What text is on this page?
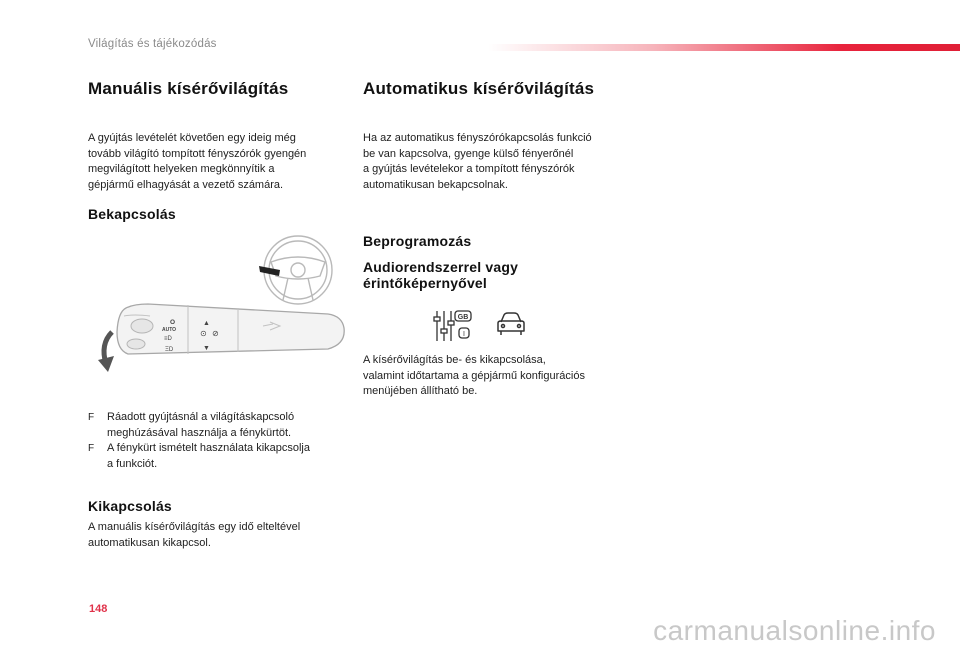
Világítás és tájékozódás
Manuális kísérővilágítás

A gyújtás levételét követően egy ideig még

tovább világító tompított fényszórók gyengén

megvilágított helyeken megkönnyítik a

gépjármű elhagyását a vezető számára.

Bekapcsolás
O
AUTO
≡D
ΞD
▲
▼
⊙ ⊘
F	Ráadott gyújtásnál a világításkapcsoló
meghúzásával használja a fénykürtöt.
F	A fénykürt ismételt használata kikapcsolja
a funkciót.
Kikapcsolás

A manuális kísérővilágítás egy idő elteltével

automatikusan kikapcsol.

Automatikus kísérővilágítás

Ha az automatikus fényszórókapcsolás funkció

be van kapcsolva, gyenge külső fényerőnél

a gyújtás levételekor a tompított fényszórók

automatikusan bekapcsolnak.

Beprogramozás
Audiorendszerrel vagy
érintőképernyővel
GB
I

A kísérővilágítás be- és kikapcsolása,

valamint időtartama a gépjármű konfigurációs

menüjében állítható be.

148
carmanualsonline.info
